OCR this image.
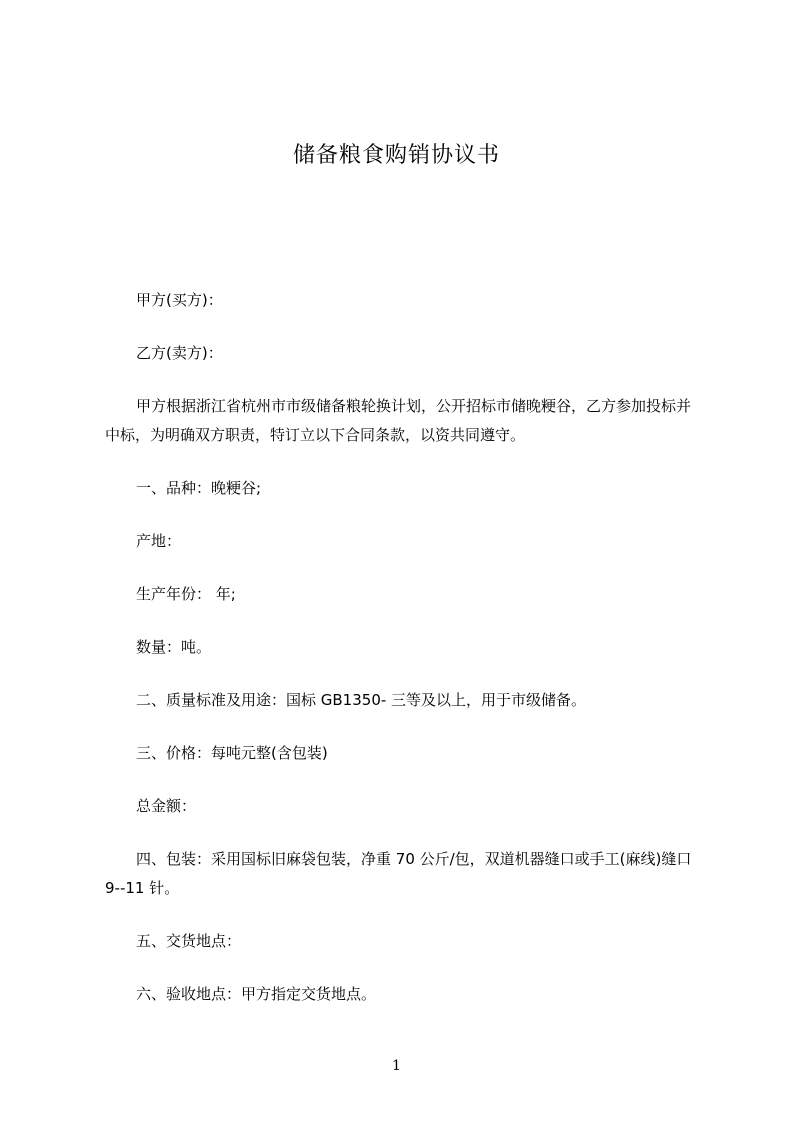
储备粮食购销协议书
甲方(买方)：
乙方(卖方)：
甲方根据浙江省杭州市市级储备粮轮换计划，公开招标市储晚粳谷，乙方参加投标并中标，为明确双方职责，特订立以下合同条款，以资共同遵守。
一、品种：晚粳谷;
产地：
生产年份： 年;
数量：吨。
二、质量标准及用途：国标 GB1350- 三等及以上，用于市级储备。
三、价格：每吨元整(含包装)
总金额：
四、包装：采用国标旧麻袋包装，净重 70 公斤/包，双道机器缝口或手工(麻线)缝口 9--11 针。
五、交货地点：
六、验收地点：甲方指定交货地点。
1
